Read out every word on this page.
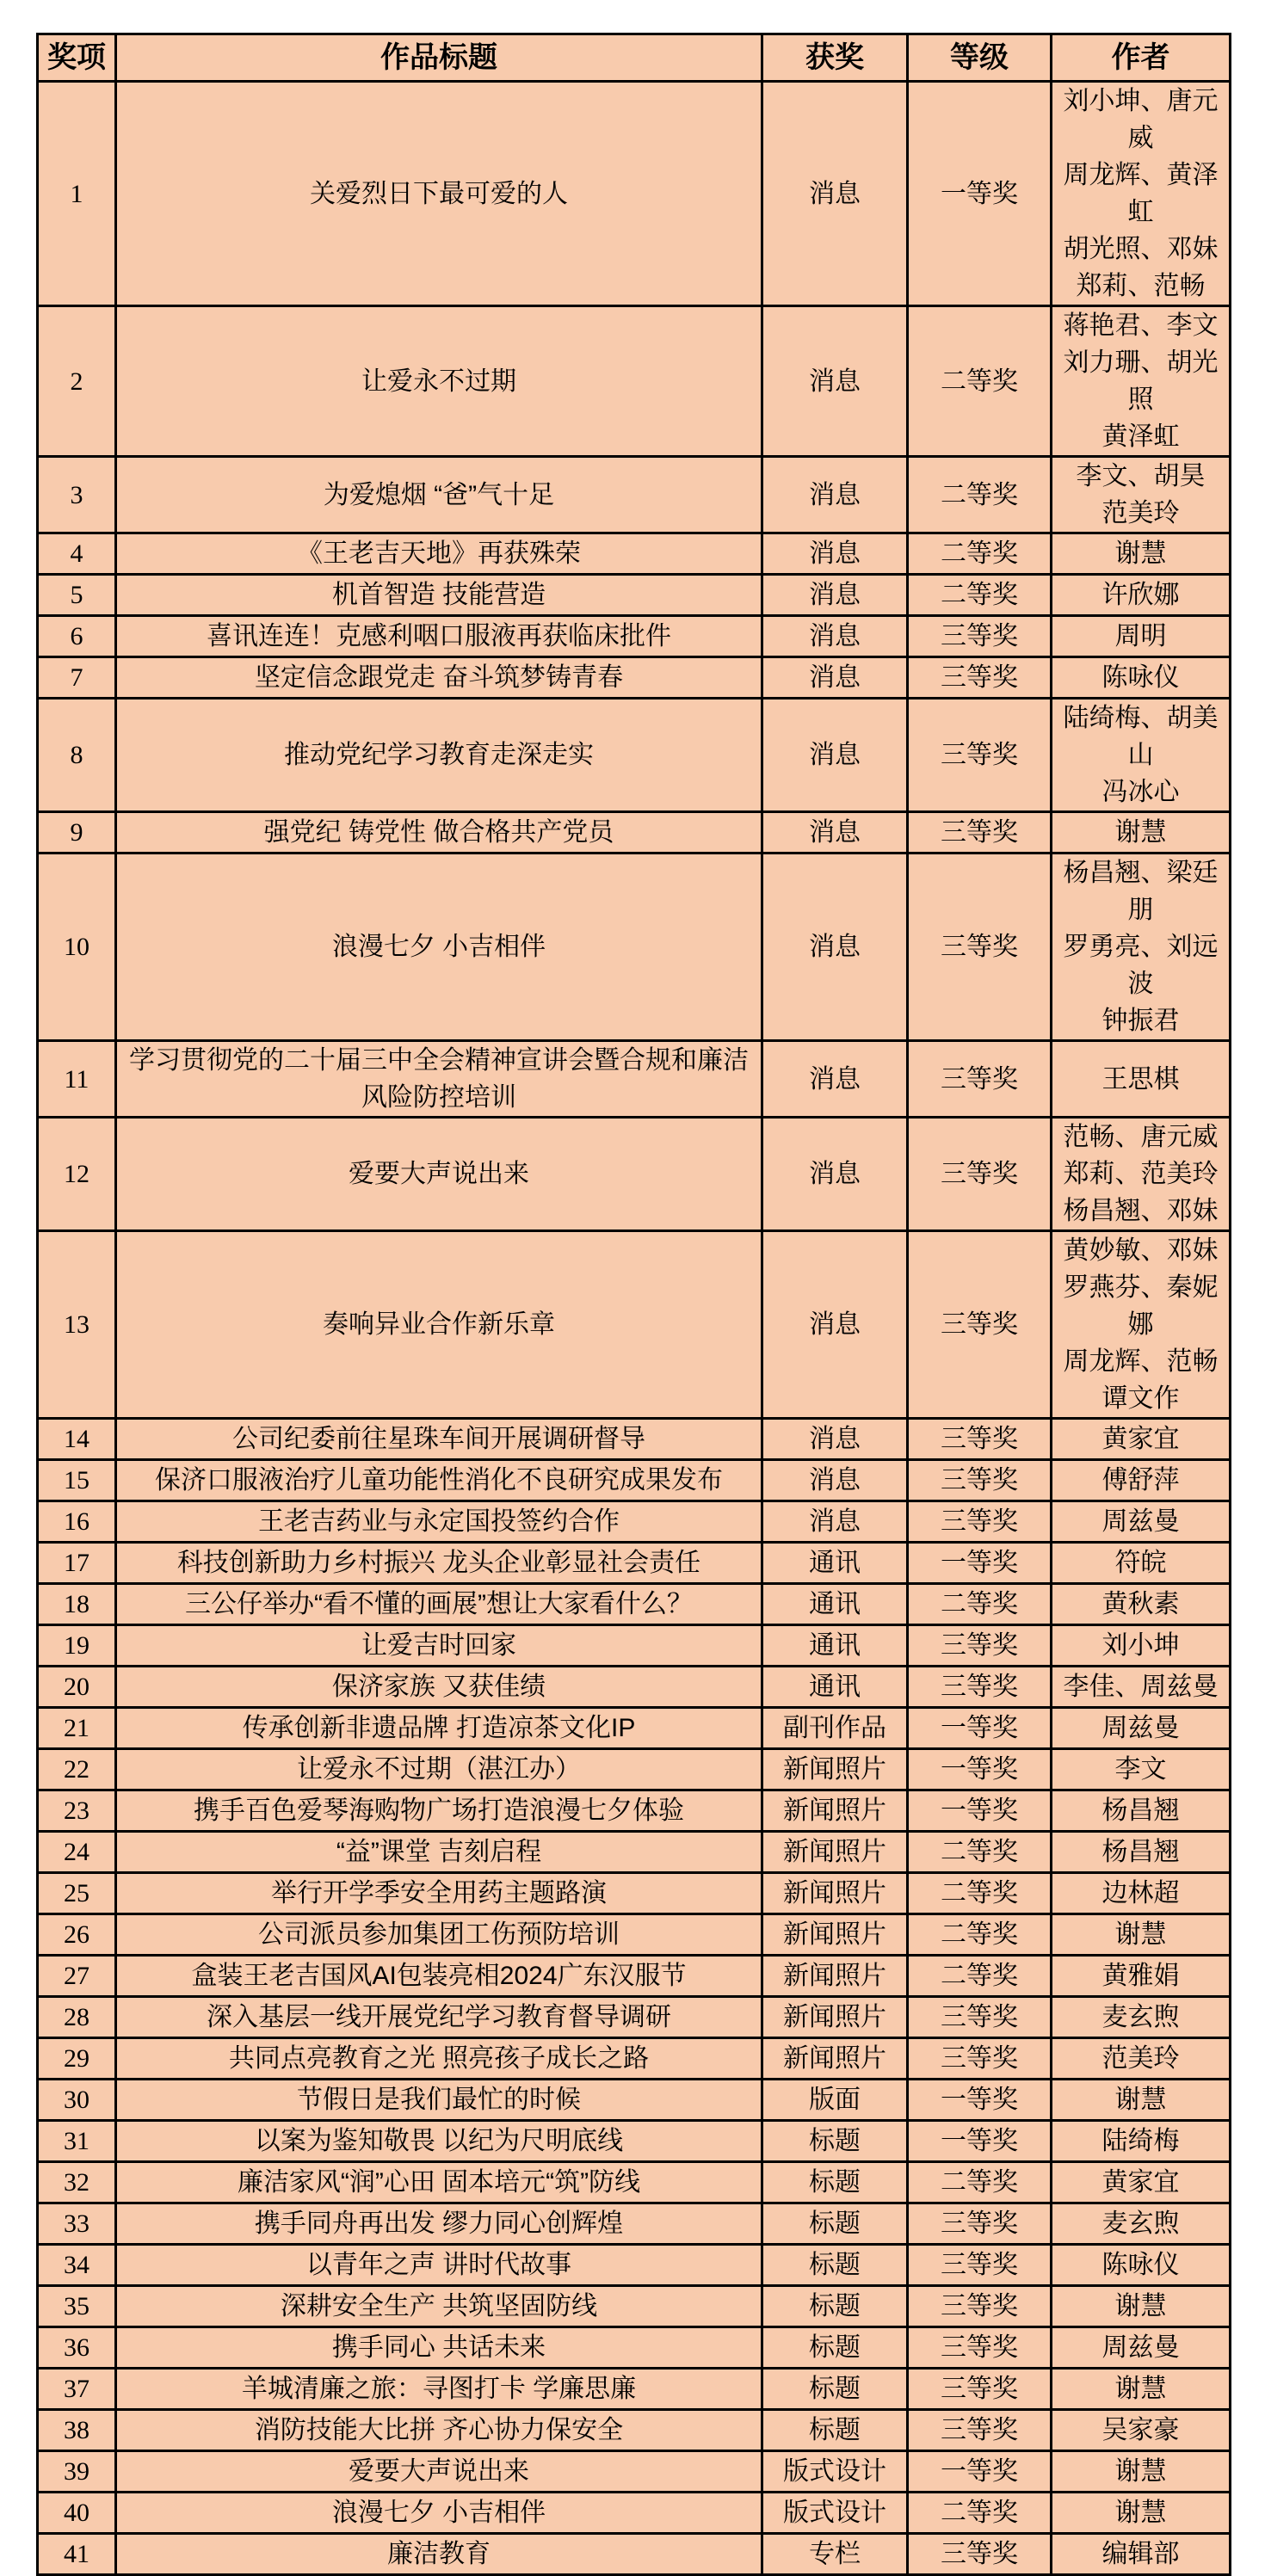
奖项	作品标题	获奖	等级	作者
1	关爱烈日下最可爱的人	消息	一等奖	刘小坤、唐元威
周龙辉、黄泽虹
胡光照、邓妹
郑莉、范畅

2	让爱永不过期	消息	二等奖	蒋艳君、李文
刘力珊、胡光照
黄泽虹

3	为爱熄烟 “爸”气十足	消息	二等奖	李文、胡昊
范美玲

4	《王老吉天地》再获殊荣	消息	二等奖	谢慧

5	机首智造 技能营造	消息	二等奖	许欣娜

6	喜讯连连！克感利咽口服液再获临床批件	消息	三等奖	周明

7	坚定信念跟党走 奋斗筑梦铸青春	消息	三等奖	陈咏仪

8	推动党纪学习教育走深走实	消息	三等奖	陆绮梅、胡美山
冯冰心

9	强党纪 铸党性 做合格共产党员	消息	三等奖	谢慧

10	浪漫七夕 小吉相伴	消息	三等奖	杨昌翘、梁廷朋
罗勇亮、刘远波
钟振君

11	学习贯彻党的二十届三中全会精神宣讲会暨合规和廉洁风险防控培训	消息	三等奖	王思棋

12	爱要大声说出来	消息	三等奖	范畅、唐元威
郑莉、范美玲
杨昌翘、邓妹

13	奏响异业合作新乐章	消息	三等奖	黄妙敏、邓妹
罗燕芬、秦妮娜
周龙辉、范畅
谭文作

14	公司纪委前往星珠车间开展调研督导	消息	三等奖	黄家宜

15	保济口服液治疗儿童功能性消化不良研究成果发布	消息	三等奖	傅舒萍

16	王老吉药业与永定国投签约合作	消息	三等奖	周兹曼

17	科技创新助力乡村振兴 龙头企业彰显社会责任	通讯	一等奖	符皖

18	三公仔举办“看不懂的画展”想让大家看什么？	通讯	二等奖	黄秋素

19	让爱吉时回家	通讯	三等奖	刘小坤

20	保济家族 又获佳绩	通讯	三等奖	李佳、周兹曼

21	传承创新非遗品牌 打造凉茶文化IP	副刊作品	一等奖	周兹曼

22	让爱永不过期（湛江办）	新闻照片	一等奖	李文

23	携手百色爱琴海购物广场打造浪漫七夕体验	新闻照片	一等奖	杨昌翘

24	“益”课堂 吉刻启程	新闻照片	二等奖	杨昌翘

25	举行开学季安全用药主题路演	新闻照片	二等奖	边林超

26	公司派员参加集团工伤预防培训	新闻照片	二等奖	谢慧

27	盒装王老吉国风AI包装亮相2024广东汉服节	新闻照片	二等奖	黄雅娟

28	深入基层一线开展党纪学习教育督导调研	新闻照片	三等奖	麦玄煦

29	共同点亮教育之光 照亮孩子成长之路	新闻照片	三等奖	范美玲

30	节假日是我们最忙的时候	版面	一等奖	谢慧

31	以案为鉴知敬畏 以纪为尺明底线	标题	一等奖	陆绮梅

32	廉洁家风“润”心田 固本培元“筑”防线	标题	二等奖	黄家宜

33	携手同舟再出发 缪力同心创辉煌	标题	三等奖	麦玄煦

34	以青年之声 讲时代故事	标题	三等奖	陈咏仪

35	深耕安全生产 共筑坚固防线	标题	三等奖	谢慧

36	携手同心 共话未来	标题	三等奖	周兹曼

37	羊城清廉之旅：寻图打卡 学廉思廉	标题	三等奖	谢慧

38	消防技能大比拼 齐心协力保安全	标题	三等奖	吴家豪

39	爱要大声说出来	版式设计	一等奖	谢慧

40	浪漫七夕 小吉相伴	版式设计	二等奖	谢慧

41	廉洁教育	专栏	三等奖	编辑部
